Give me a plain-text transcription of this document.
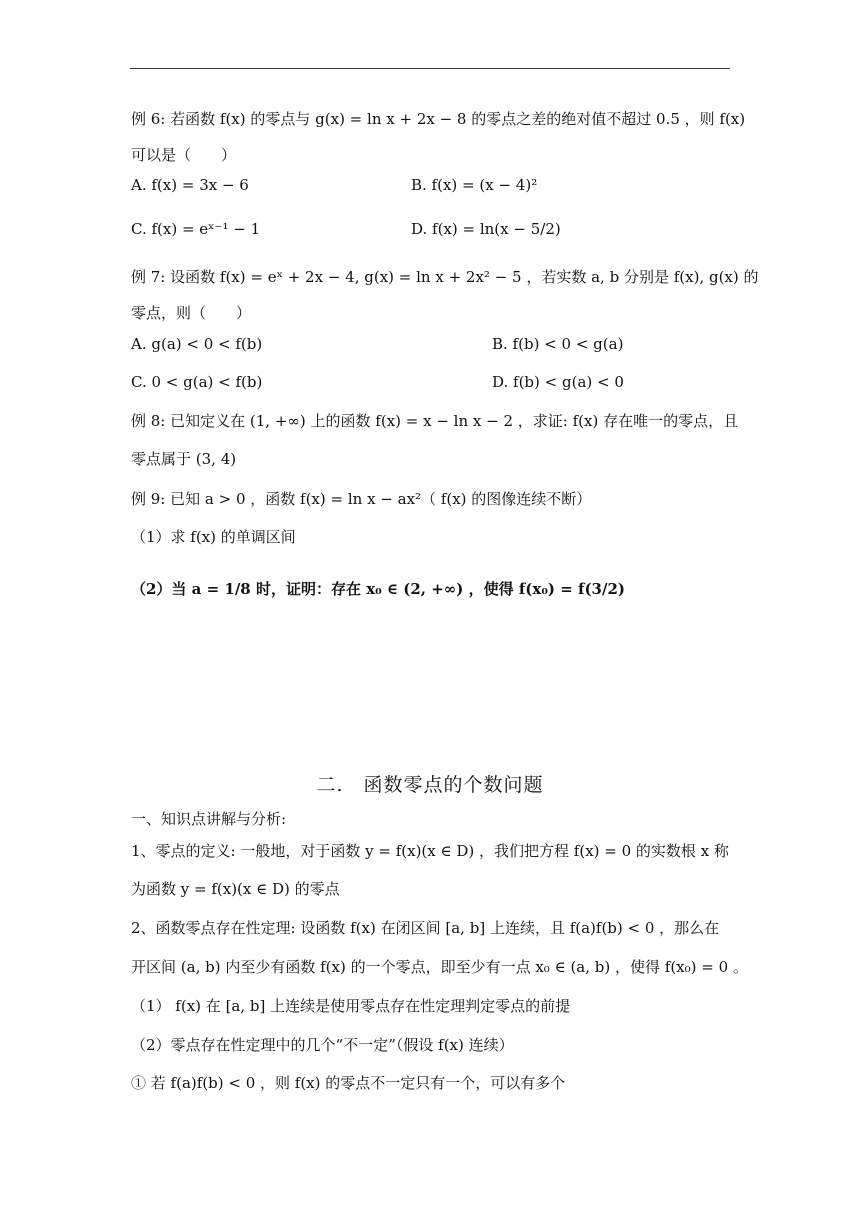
例 6: 若函数 f(x) 的零点与 g(x) = ln x + 2x − 8 的零点之差的绝对值不超过 0.5 ，则 f(x)
可以是（　　）
A. f(x) = 3x − 6	B. f(x) = (x − 4)²
C. f(x) = eˣ⁻¹ − 1	D. f(x) = ln(x − 5/2)
例 7: 设函数 f(x) = eˣ + 2x − 4, g(x) = ln x + 2x² − 5 ，若实数 a, b 分别是 f(x), g(x) 的
零点，则（　　）
A. g(a) < 0 < f(b)	B. f(b) < 0 < g(a)
C. 0 < g(a) < f(b)	D. f(b) < g(a) < 0
例 8: 已知定义在 (1, +∞) 上的函数 f(x) = x − ln x − 2 ，求证: f(x) 存在唯一的零点，且
零点属于 (3, 4)
例 9: 已知 a > 0 ，函数 f(x) = ln x − ax²（ f(x) 的图像连续不断）
（1）求 f(x) 的单调区间
（2）当 a = 1/8 时，证明：存在 x₀ ∈ (2, +∞) ，使得 f(x₀) = f(3/2)
二.　函数零点的个数问题
一、知识点讲解与分析:
1、零点的定义: 一般地，对于函数 y = f(x)(x ∈ D) ，我们把方程 f(x) = 0 的实数根 x 称
为函数 y = f(x)(x ∈ D) 的零点
2、函数零点存在性定理: 设函数 f(x) 在闭区间 [a, b] 上连续，且 f(a)f(b) < 0 ，那么在
开区间 (a, b) 内至少有函数 f(x) 的一个零点，即至少有一点 x₀ ∈ (a, b) ，使得 f(x₀) = 0 。
（1） f(x) 在 [a, b] 上连续是使用零点存在性定理判定零点的前提
（2）零点存在性定理中的几个“不一定”（假设 f(x) 连续）
① 若 f(a)f(b) < 0 ，则 f(x) 的零点不一定只有一个，可以有多个
